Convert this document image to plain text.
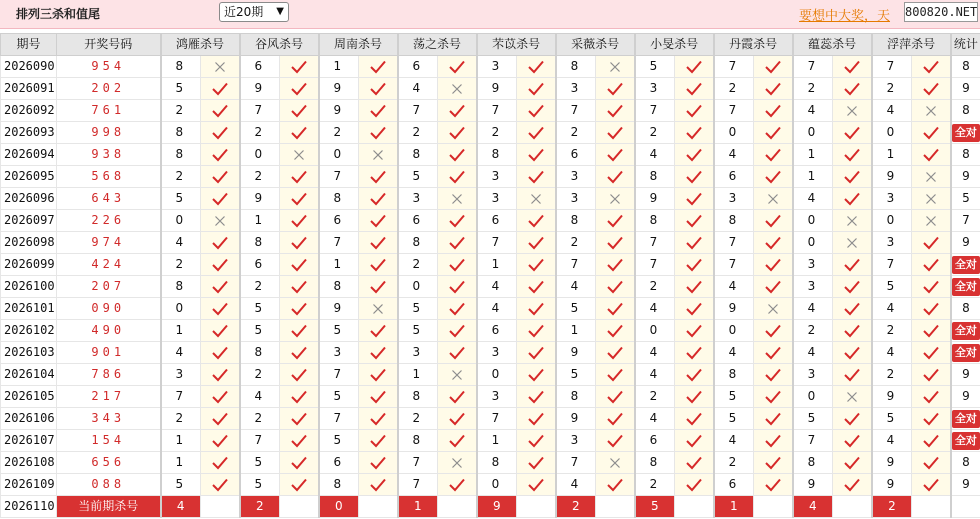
排列三杀和值尾	近20期 ▼	要想中大奖，天 800820.NET
期号	开奖号码	鸿雁杀号		谷风杀号		周南杀号		荡之杀号		芣苡杀号		采薇杀号		小旻杀号		丹霞杀号		蕴蕊杀号		浮萍杀号		统计
2026090	954	8		6		1		6		3		8		5		7		7		7		8
2026091	202	5		9		9		4		9		3		3		2		2		2		9
2026092	761	2		7		9		7		7		7		7		7		4		4		8
2026093	998	8		2		2		2		2		2		2		0		0		0		全对
2026094	938	8		0		0		8		8		6		4		4		1		1		8
2026095	568	2		2		7		5		3		3		8		6		1		9		9
2026096	643	5		9		8		3		3		3		9		3		4		3		5
2026097	226	0		1		6		6		6		8		8		8		0		0		7
2026098	974	4		8		7		8		7		2		7		7		0		3		9
2026099	424	2		6		1		2		1		7		7		7		3		7		全对
2026100	207	8		2		8		0		4		4		2		4		3		5		全对
2026101	090	0		5		9		5		4		5		4		9		4		4		8
2026102	490	1		5		5		5		6		1		0		0		2		2		全对
2026103	901	4		8		3		3		3		9		4		4		4		4		全对
2026104	786	3		2		7		1		0		5		4		8		3		2		9
2026105	217	7		4		5		8		3		8		2		5		0		9		9
2026106	343	2		2		7		2		7		9		4		5		5		5		全对
2026107	154	1		7		5		8		1		3		6		4		7		4		全对
2026108	656	1		5		6		7		8		7		8		2		8		9		8
2026109	088	5		5		8		7		0		4		2		6		9		9		9
2026110	当前期杀号	4		2		0		1		9		2		5		1		4		2		
